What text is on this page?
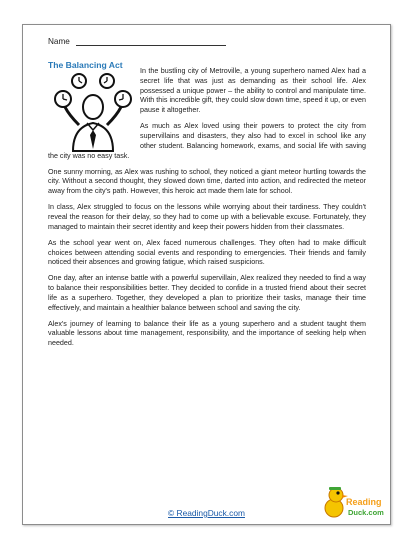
Name
The Balancing Act

In the bustling city of Metroville, a young superhero named Alex had a secret life that was just as demanding as their school life. Alex possessed a unique power – the ability to control and manipulate time. With this incredible gift, they could slow down time, speed it up, or even pause it altogether.

As much as Alex loved using their powers to protect the city from supervillains and disasters, they also had to excel in school like any other student. Balancing homework, exams, and social life with saving the city was no easy task.

One sunny morning, as Alex was rushing to school, they noticed a giant meteor hurtling towards the city. Without a second thought, they slowed down time, darted into action, and redirected the meteor away from the city's path. However, this heroic act made them late for school.

In class, Alex struggled to focus on the lessons while worrying about their tardiness. They couldn't reveal the reason for their delay, so they had to come up with a believable excuse. Fortunately, they managed to maintain their secret identity and keep their powers hidden from their classmates.

As the school year went on, Alex faced numerous challenges. They often had to make difficult choices between attending social events and responding to emergencies. Their friends and family noticed their absences and growing fatigue, which raised suspicions.

One day, after an intense battle with a powerful supervillain, Alex realized they needed to find a way to balance their responsibilities better. They decided to confide in a trusted friend about their secret life as a superhero. Together, they developed a plan to prioritize their tasks, manage their time effectively, and maintain a healthier balance between school and saving the city.

Alex's journey of learning to balance their life as a young superhero and a student taught them valuable lessons about time management, responsibility, and the importance of seeking help when needed.

© ReadingDuck.com
Reading
Duck.com
